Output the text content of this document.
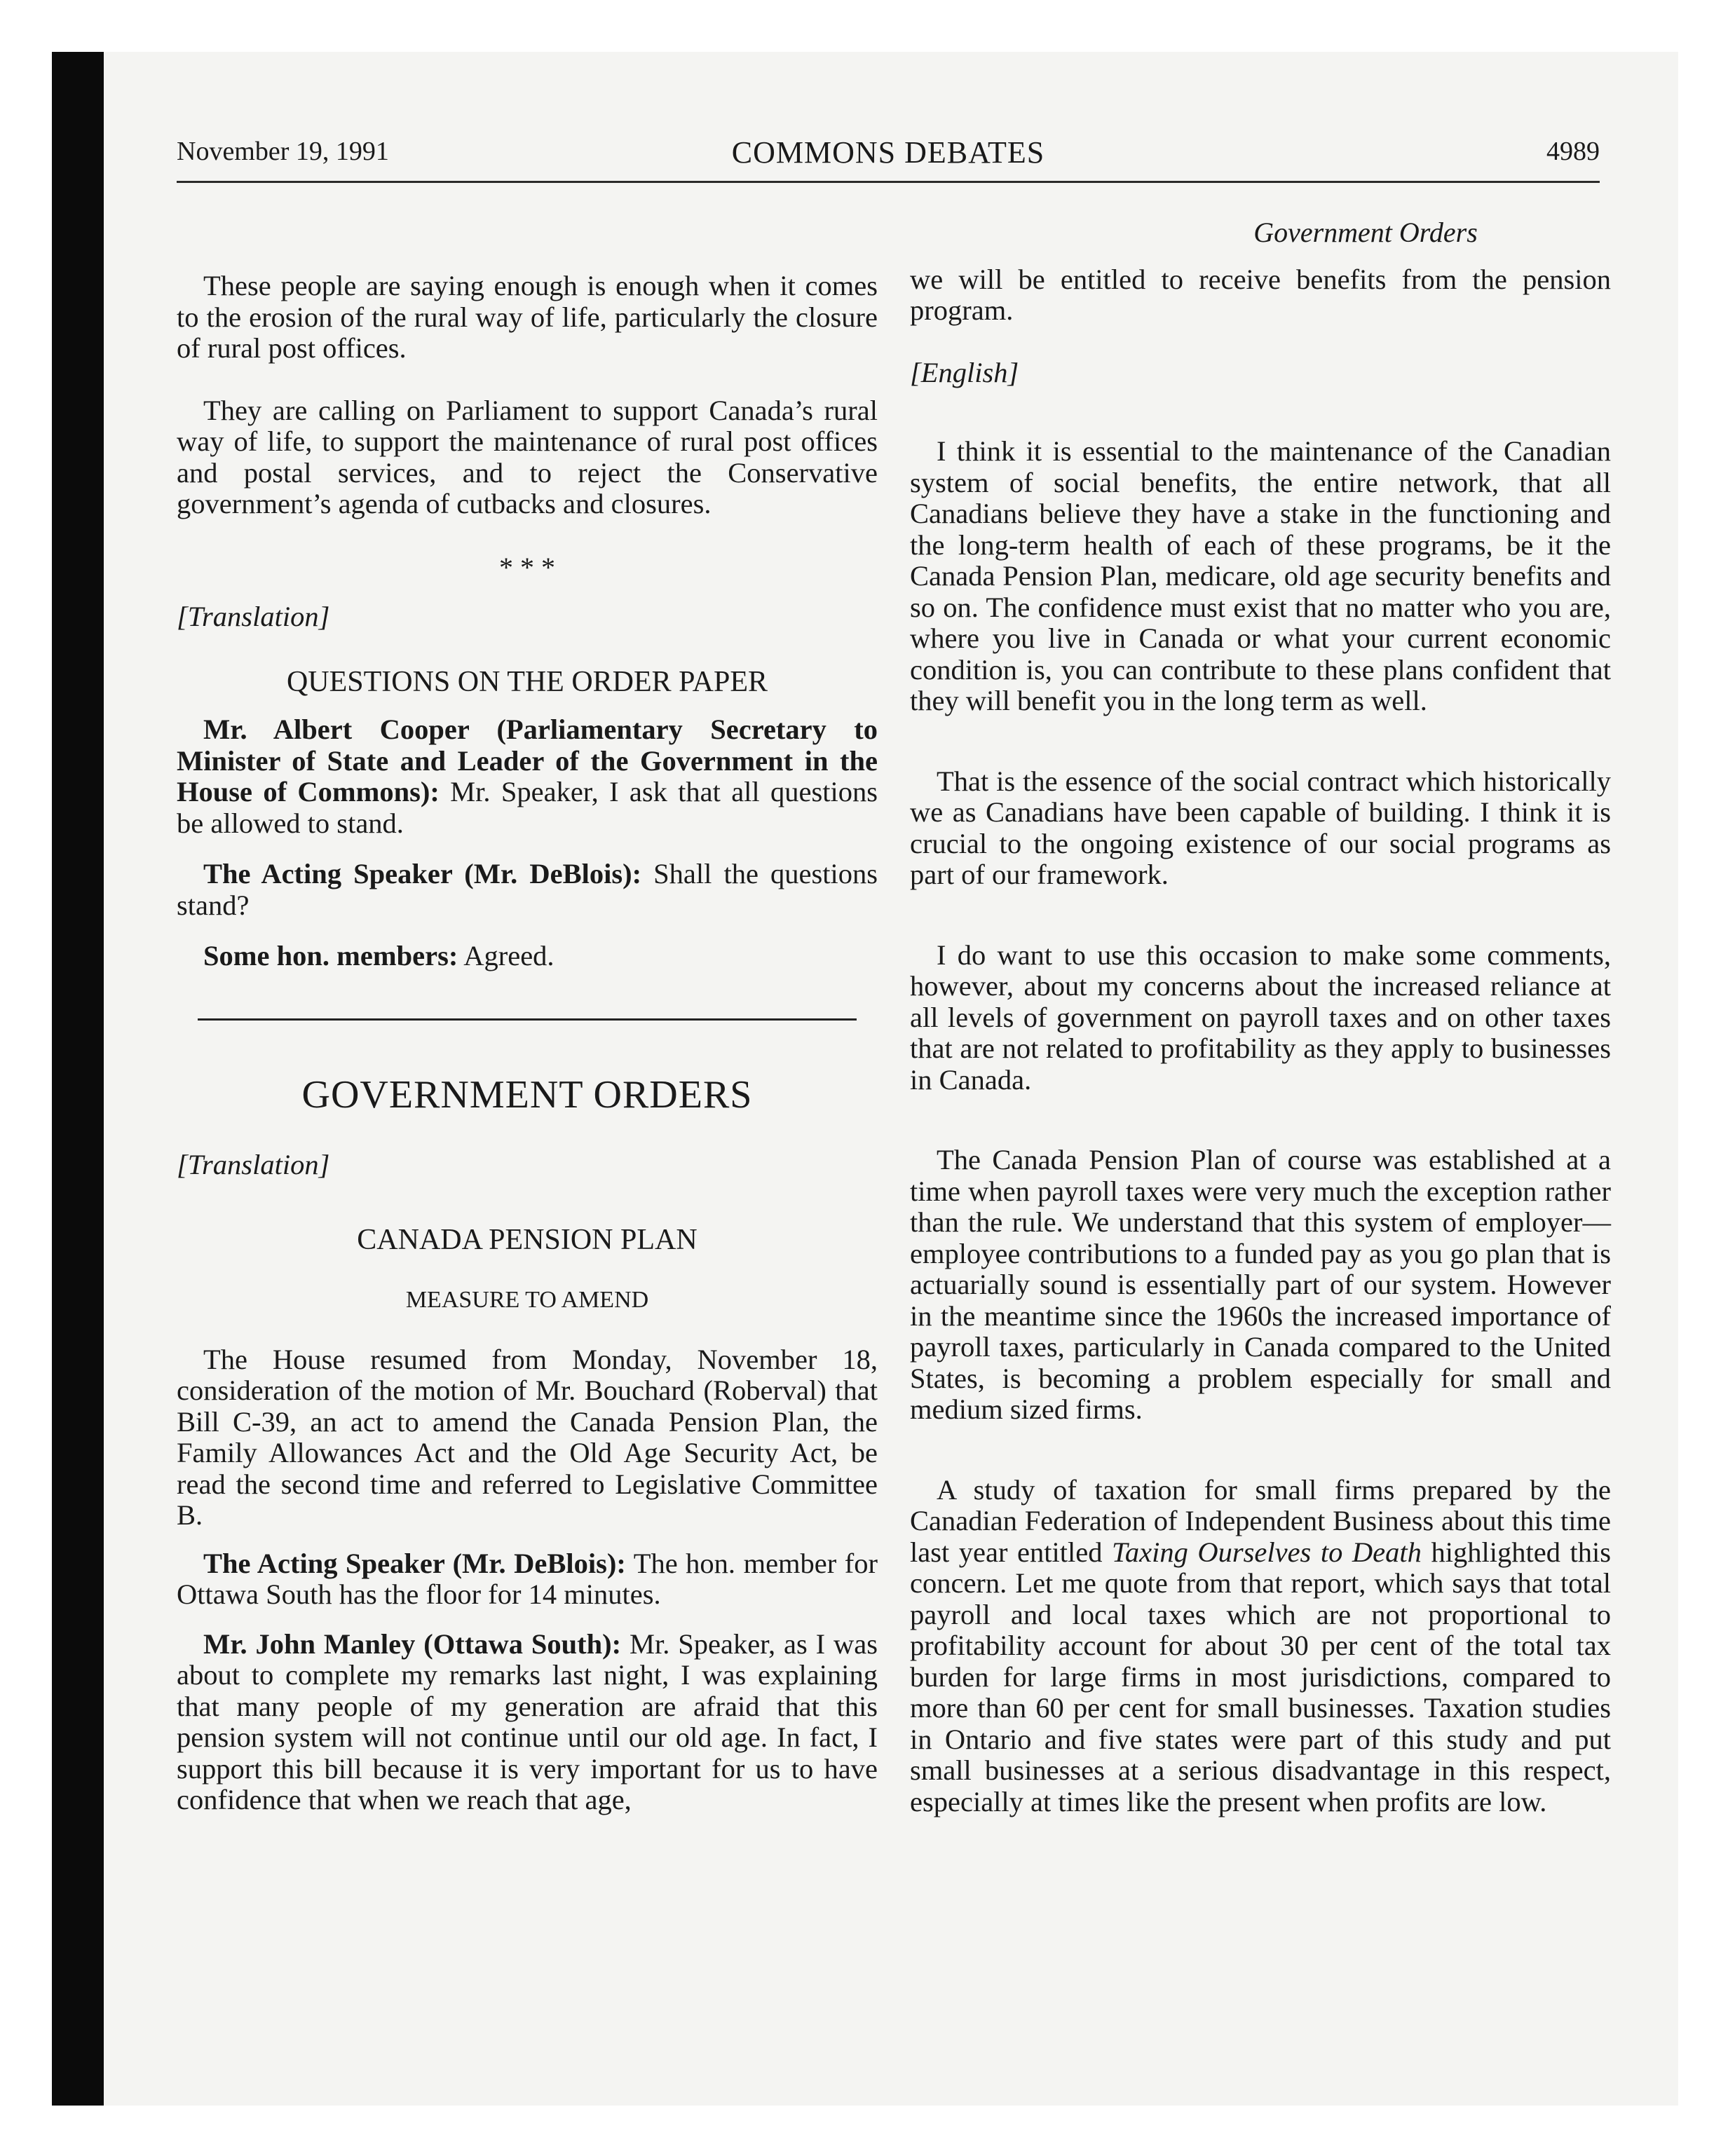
November 19, 1991	COMMONS DEBATES	4989

These people are saying enough is enough when it comes to the erosion of the rural way of life, particularly the closure of rural post offices.

They are calling on Parliament to support Canada’s rural way of life, to support the maintenance of rural post offices and postal services, and to reject the Conservative government’s agenda of cutbacks and closures.

* * *
[Translation]
QUESTIONS ON THE ORDER PAPER

Mr. Albert Cooper (Parliamentary Secretary to Minister of State and Leader of the Government in the House of Commons): Mr. Speaker, I ask that all questions be allowed to stand.

The Acting Speaker (Mr. DeBlois): Shall the questions stand?

Some hon. members: Agreed.

GOVERNMENT ORDERS
[Translation]
CANADA PENSION PLAN
MEASURE TO AMEND

The House resumed from Monday, November 18, consideration of the motion of Mr. Bouchard (Roberval) that Bill C-39, an act to amend the Canada Pension Plan, the Family Allowances Act and the Old Age Security Act, be read the second time and referred to Legislative Committee B.

The Acting Speaker (Mr. DeBlois): The hon. member for Ottawa South has the floor for 14 minutes.

Mr. John Manley (Ottawa South): Mr. Speaker, as I was about to complete my remarks last night, I was explaining that many people of my generation are afraid that this pension system will not continue until our old age. In fact, I support this bill because it is very important for us to have confidence that when we reach that age,

Government Orders

we will be entitled to receive benefits from the pension program.

[English]

I think it is essential to the maintenance of the Canadian system of social benefits, the entire network, that all Canadians believe they have a stake in the functioning and the long-term health of each of these programs, be it the Canada Pension Plan, medicare, old age security benefits and so on. The confidence must exist that no matter who you are, where you live in Canada or what your current economic condition is, you can contribute to these plans confident that they will benefit you in the long term as well.

That is the essence of the social contract which historically we as Canadians have been capable of building. I think it is crucial to the ongoing existence of our social programs as part of our framework.

I do want to use this occasion to make some comments, however, about my concerns about the increased reliance at all levels of government on payroll taxes and on other taxes that are not related to profitability as they apply to businesses in Canada.

The Canada Pension Plan of course was established at a time when payroll taxes were very much the exception rather than the rule. We understand that this system of employer—employee contributions to a funded pay as you go plan that is actuarially sound is essentially part of our system. However in the meantime since the 1960s the increased importance of payroll taxes, particularly in Canada compared to the United States, is becoming a problem especially for small and medium sized firms.

A study of taxation for small firms prepared by the Canadian Federation of Independent Business about this time last year entitled Taxing Ourselves to Death highlighted this concern. Let me quote from that report, which says that total payroll and local taxes which are not proportional to profitability account for about 30 per cent of the total tax burden for large firms in most jurisdictions, compared to more than 60 per cent for small businesses. Taxation studies in Ontario and five states were part of this study and put small businesses at a serious disadvantage in this respect, especially at times like the present when profits are low.
